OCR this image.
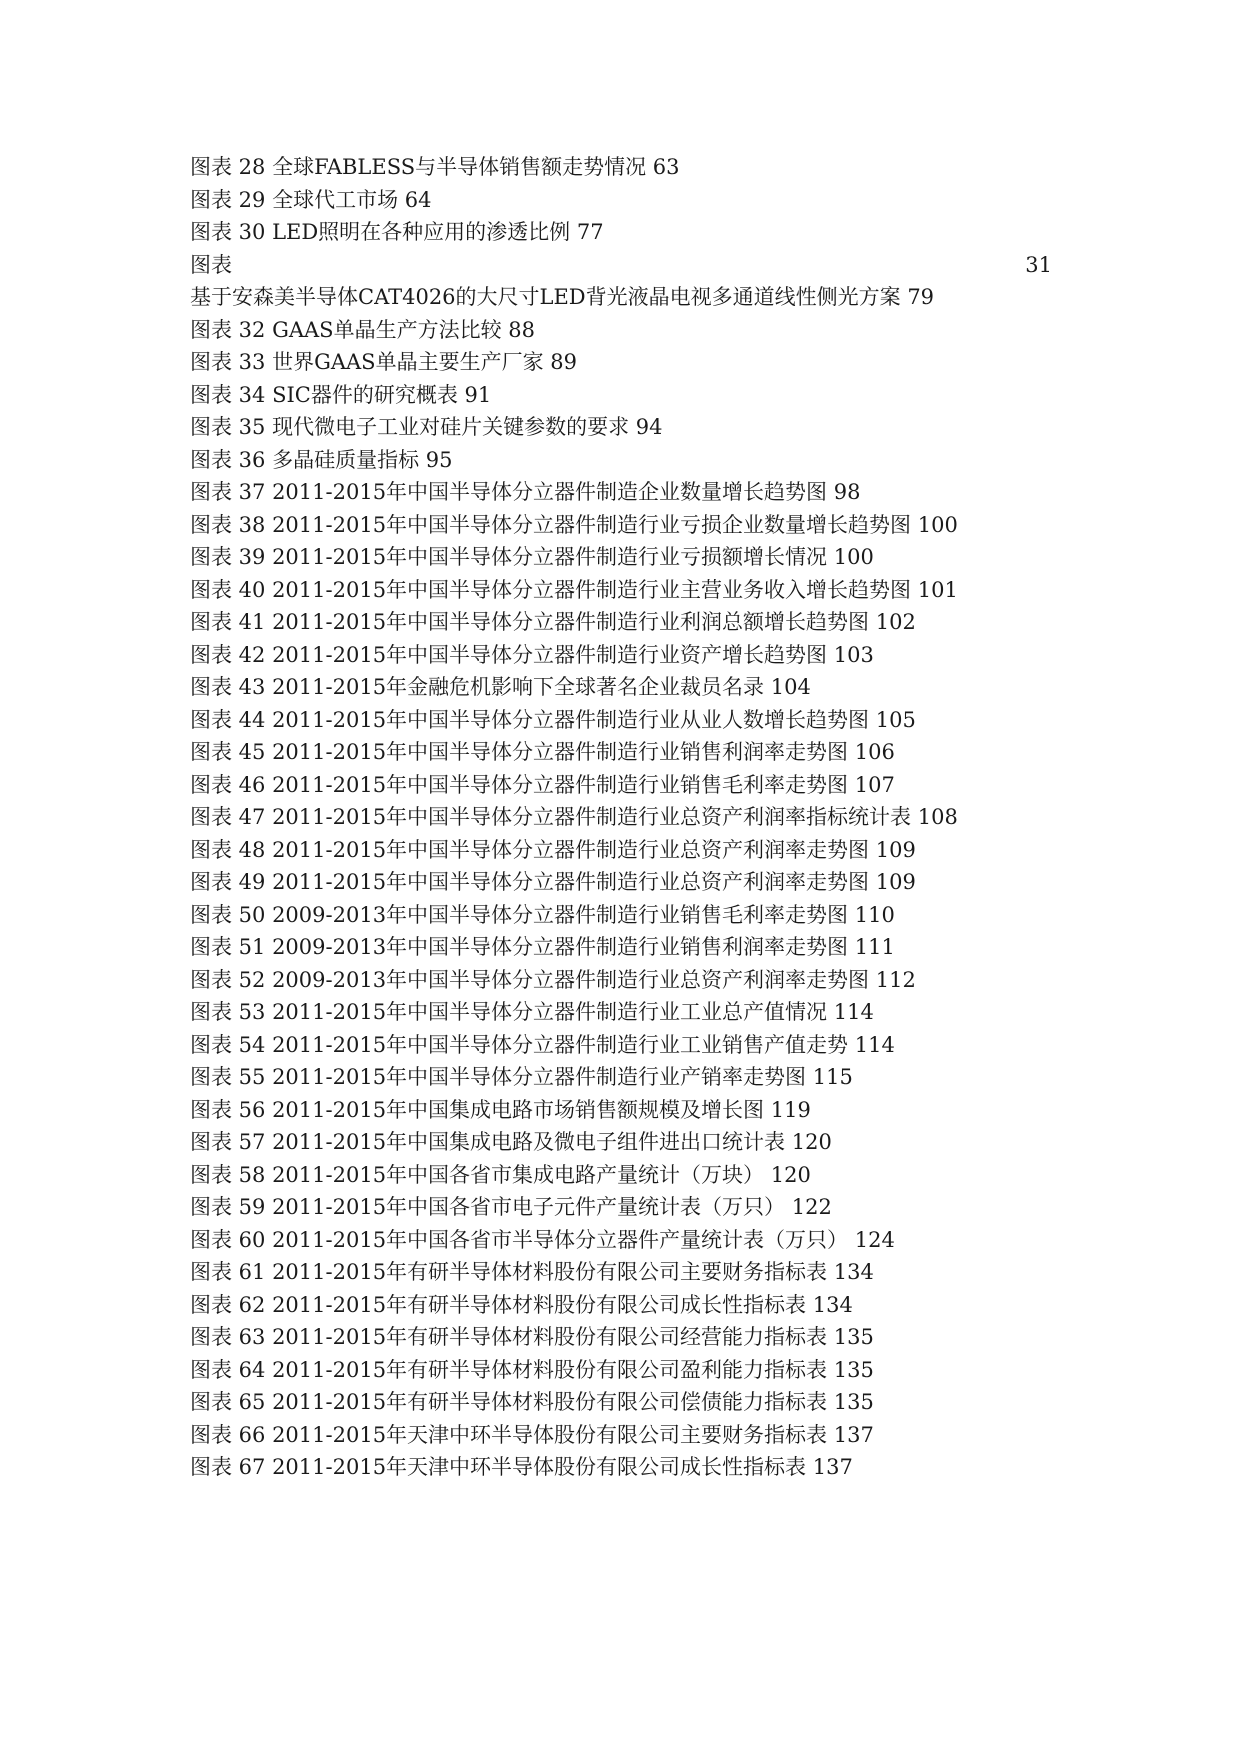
图表 28 全球FABLESS与半导体销售额走势情况 63
图表 29 全球代工市场 64
图表 30 LED照明在各种应用的渗透比例 77
图表	31
基于安森美半导体CAT4026的大尺寸LED背光液晶电视多通道线性侧光方案 79
图表 32 GAAS单晶生产方法比较 88
图表 33 世界GAAS单晶主要生产厂家 89
图表 34 SIC器件的研究概表 91
图表 35 现代微电子工业对硅片关键参数的要求 94
图表 36 多晶硅质量指标 95
图表 37 2011-2015年中国半导体分立器件制造企业数量增长趋势图 98
图表 38 2011-2015年中国半导体分立器件制造行业亏损企业数量增长趋势图 100
图表 39 2011-2015年中国半导体分立器件制造行业亏损额增长情况 100
图表 40 2011-2015年中国半导体分立器件制造行业主营业务收入增长趋势图 101
图表 41 2011-2015年中国半导体分立器件制造行业利润总额增长趋势图 102
图表 42 2011-2015年中国半导体分立器件制造行业资产增长趋势图 103
图表 43 2011-2015年金融危机影响下全球著名企业裁员名录 104
图表 44 2011-2015年中国半导体分立器件制造行业从业人数增长趋势图 105
图表 45 2011-2015年中国半导体分立器件制造行业销售利润率走势图 106
图表 46 2011-2015年中国半导体分立器件制造行业销售毛利率走势图 107
图表 47 2011-2015年中国半导体分立器件制造行业总资产利润率指标统计表 108
图表 48 2011-2015年中国半导体分立器件制造行业总资产利润率走势图 109
图表 49 2011-2015年中国半导体分立器件制造行业总资产利润率走势图 109
图表 50 2009-2013年中国半导体分立器件制造行业销售毛利率走势图 110
图表 51 2009-2013年中国半导体分立器件制造行业销售利润率走势图 111
图表 52 2009-2013年中国半导体分立器件制造行业总资产利润率走势图 112
图表 53 2011-2015年中国半导体分立器件制造行业工业总产值情况 114
图表 54 2011-2015年中国半导体分立器件制造行业工业销售产值走势 114
图表 55 2011-2015年中国半导体分立器件制造行业产销率走势图 115
图表 56 2011-2015年中国集成电路市场销售额规模及增长图 119
图表 57 2011-2015年中国集成电路及微电子组件进出口统计表 120
图表 58 2011-2015年中国各省市集成电路产量统计（万块） 120
图表 59 2011-2015年中国各省市电子元件产量统计表（万只） 122
图表 60 2011-2015年中国各省市半导体分立器件产量统计表（万只） 124
图表 61 2011-2015年有研半导体材料股份有限公司主要财务指标表 134
图表 62 2011-2015年有研半导体材料股份有限公司成长性指标表 134
图表 63 2011-2015年有研半导体材料股份有限公司经营能力指标表 135
图表 64 2011-2015年有研半导体材料股份有限公司盈利能力指标表 135
图表 65 2011-2015年有研半导体材料股份有限公司偿债能力指标表 135
图表 66 2011-2015年天津中环半导体股份有限公司主要财务指标表 137
图表 67 2011-2015年天津中环半导体股份有限公司成长性指标表 137
